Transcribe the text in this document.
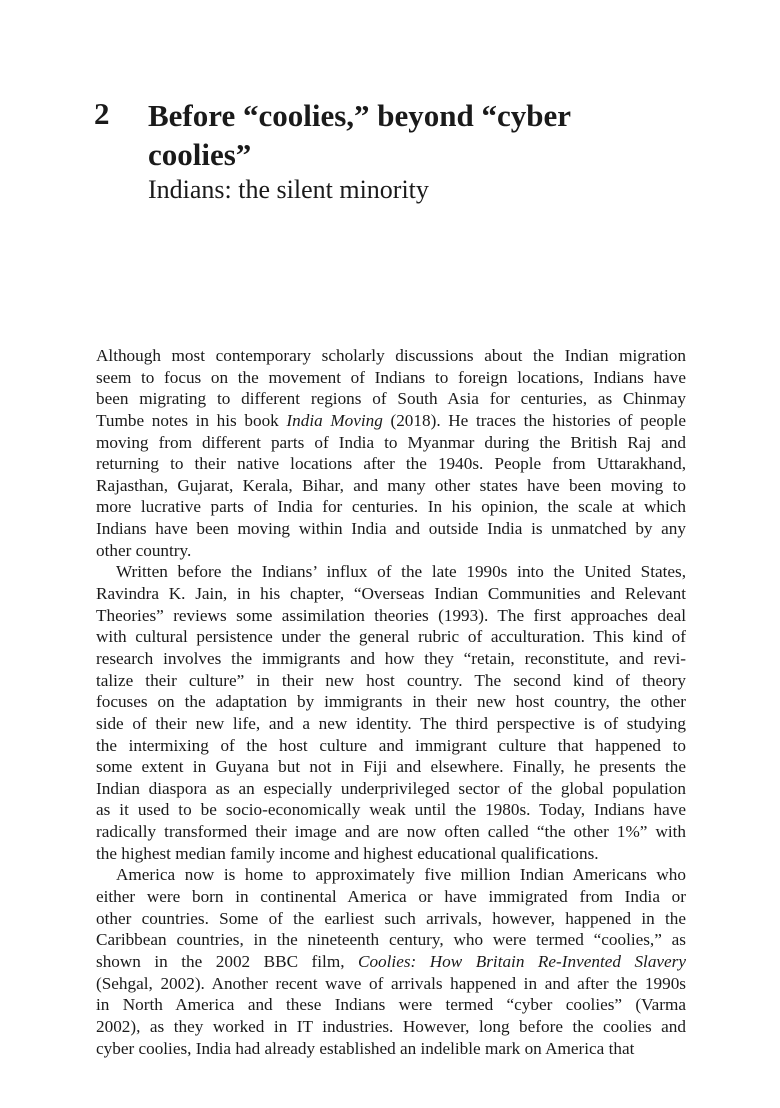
2 Before “coolies,” beyond “cyber
coolies”
Indians: the silent minority
Although most contemporary scholarly discussions about the Indian migration
seem to focus on the movement of Indians to foreign locations, Indians have
been migrating to different regions of South Asia for centuries, as Chinmay
Tumbe notes in his book India Moving (2018). He traces the histories of people
moving from different parts of India to Myanmar during the British Raj and
returning to their native locations after the 1940s. People from Uttarakhand,
Rajasthan, Gujarat, Kerala, Bihar, and many other states have been moving to
more lucrative parts of India for centuries. In his opinion, the scale at which
Indians have been moving within India and outside India is unmatched by any
other country.
Written before the Indians’ influx of the late 1990s into the United States,
Ravindra K. Jain, in his chapter, “Overseas Indian Communities and Relevant
Theories” reviews some assimilation theories (1993). The first approaches deal
with cultural persistence under the general rubric of acculturation. This kind of
research involves the immigrants and how they “retain, reconstitute, and revi-
talize their culture” in their new host country. The second kind of theory
focuses on the adaptation by immigrants in their new host country, the other
side of their new life, and a new identity. The third perspective is of studying
the intermixing of the host culture and immigrant culture that happened to
some extent in Guyana but not in Fiji and elsewhere. Finally, he presents the
Indian diaspora as an especially underprivileged sector of the global population
as it used to be socio-economically weak until the 1980s. Today, Indians have
radically transformed their image and are now often called “the other 1%” with
the highest median family income and highest educational qualifications.
America now is home to approximately five million Indian Americans who
either were born in continental America or have immigrated from India or
other countries. Some of the earliest such arrivals, however, happened in the
Caribbean countries, in the nineteenth century, who were termed “coolies,” as
shown in the 2002 BBC film, Coolies: How Britain Re-Invented Slavery
(Sehgal, 2002). Another recent wave of arrivals happened in and after the 1990s
in North America and these Indians were termed “cyber coolies” (Varma
2002), as they worked in IT industries. However, long before the coolies and
cyber coolies, India had already established an indelible mark on America that
